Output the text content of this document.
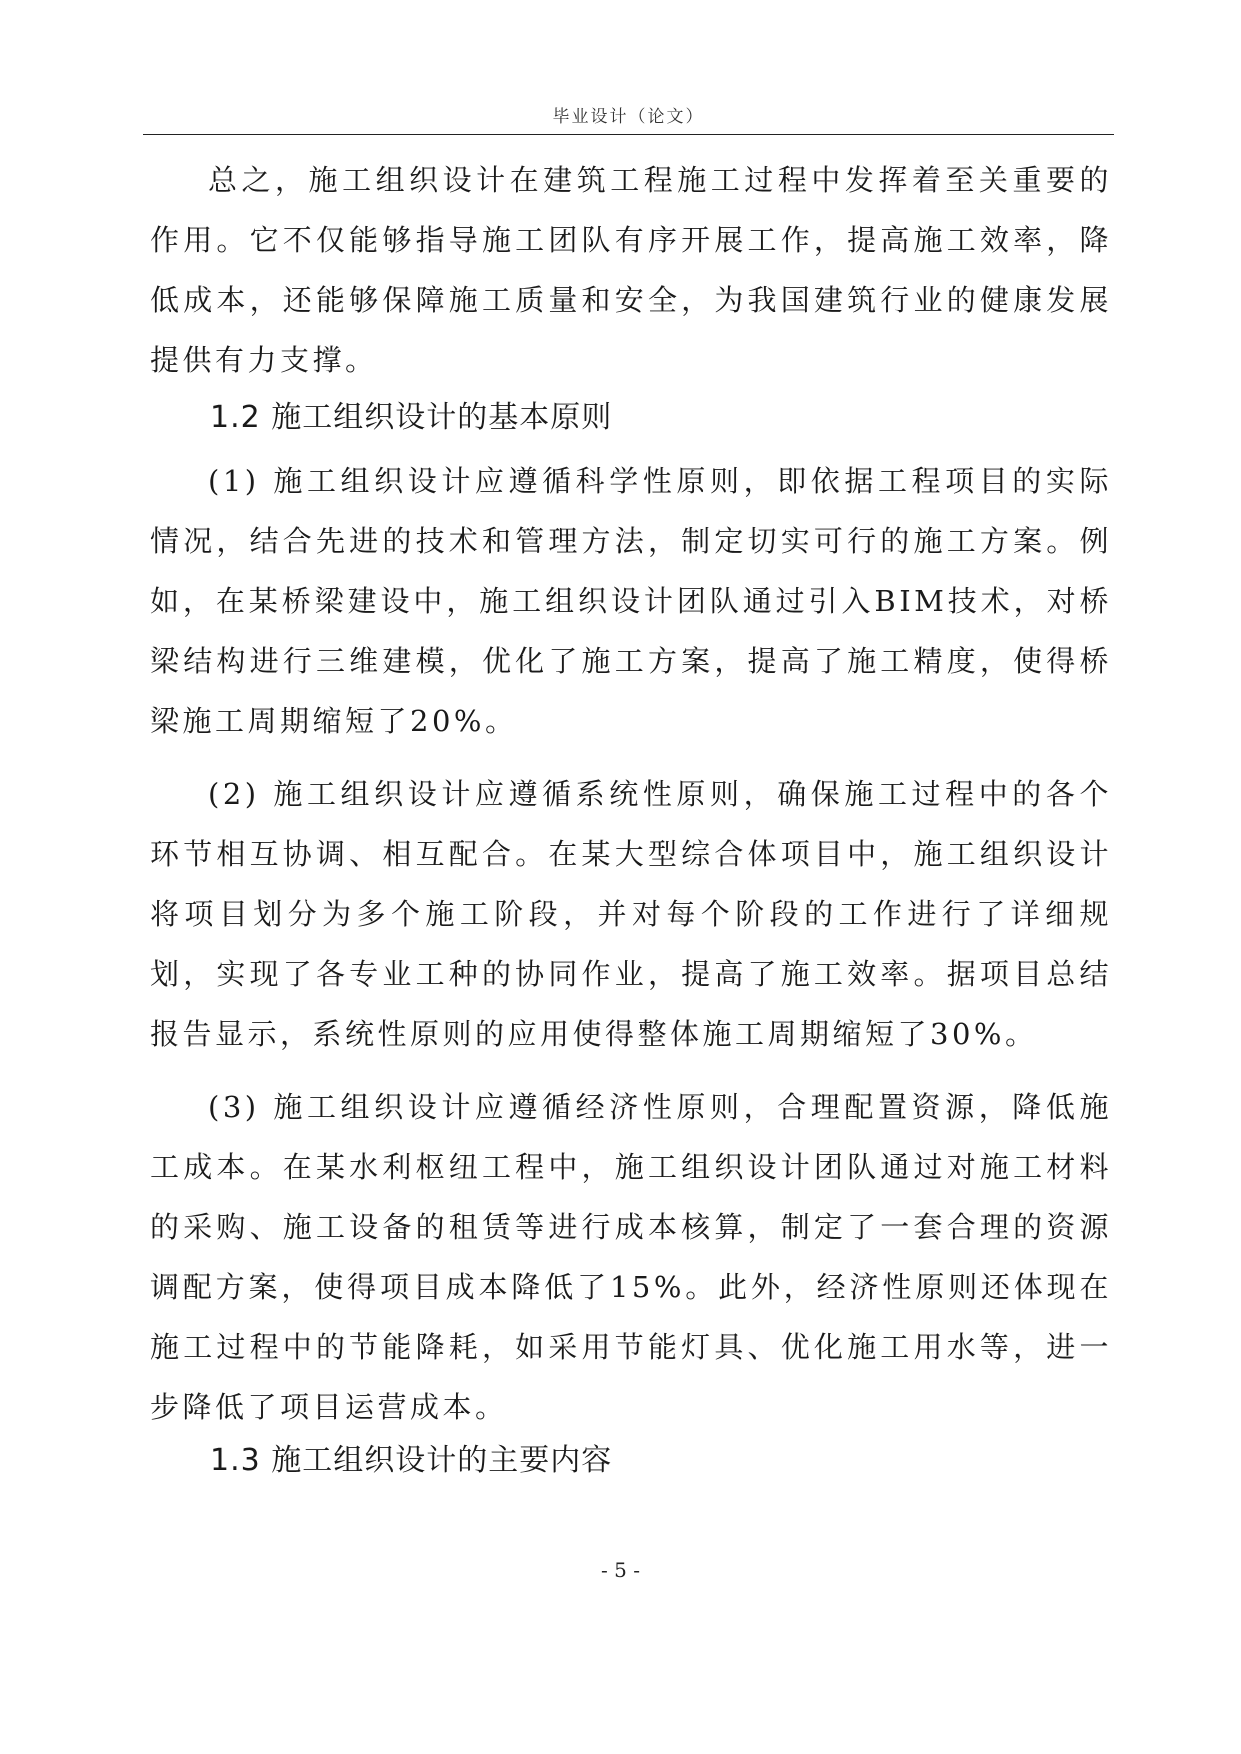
毕业设计（论文）

总之，施工组织设计在建筑工程施工过程中发挥着至关重要的作用。它不仅能够指导施工团队有序开展工作，提高施工效率，降低成本，还能够保障施工质量和安全，为我国建筑行业的健康发展提供有力支撑。

1.2 施工组织设计的基本原则

(1) 施工组织设计应遵循科学性原则，即依据工程项目的实际情况，结合先进的技术和管理方法，制定切实可行的施工方案。例如，在某桥梁建设中，施工组织设计团队通过引入BIM技术，对桥梁结构进行三维建模，优化了施工方案，提高了施工精度，使得桥梁施工周期缩短了20%。

(2) 施工组织设计应遵循系统性原则，确保施工过程中的各个环节相互协调、相互配合。在某大型综合体项目中，施工组织设计将项目划分为多个施工阶段，并对每个阶段的工作进行了详细规划，实现了各专业工种的协同作业，提高了施工效率。据项目总结报告显示，系统性原则的应用使得整体施工周期缩短了30%。

(3) 施工组织设计应遵循经济性原则，合理配置资源，降低施工成本。在某水利枢纽工程中，施工组织设计团队通过对施工材料的采购、施工设备的租赁等进行成本核算，制定了一套合理的资源调配方案，使得项目成本降低了15%。此外，经济性原则还体现在施工过程中的节能降耗，如采用节能灯具、优化施工用水等，进一步降低了项目运营成本。

1.3 施工组织设计的主要内容

- 5 -
